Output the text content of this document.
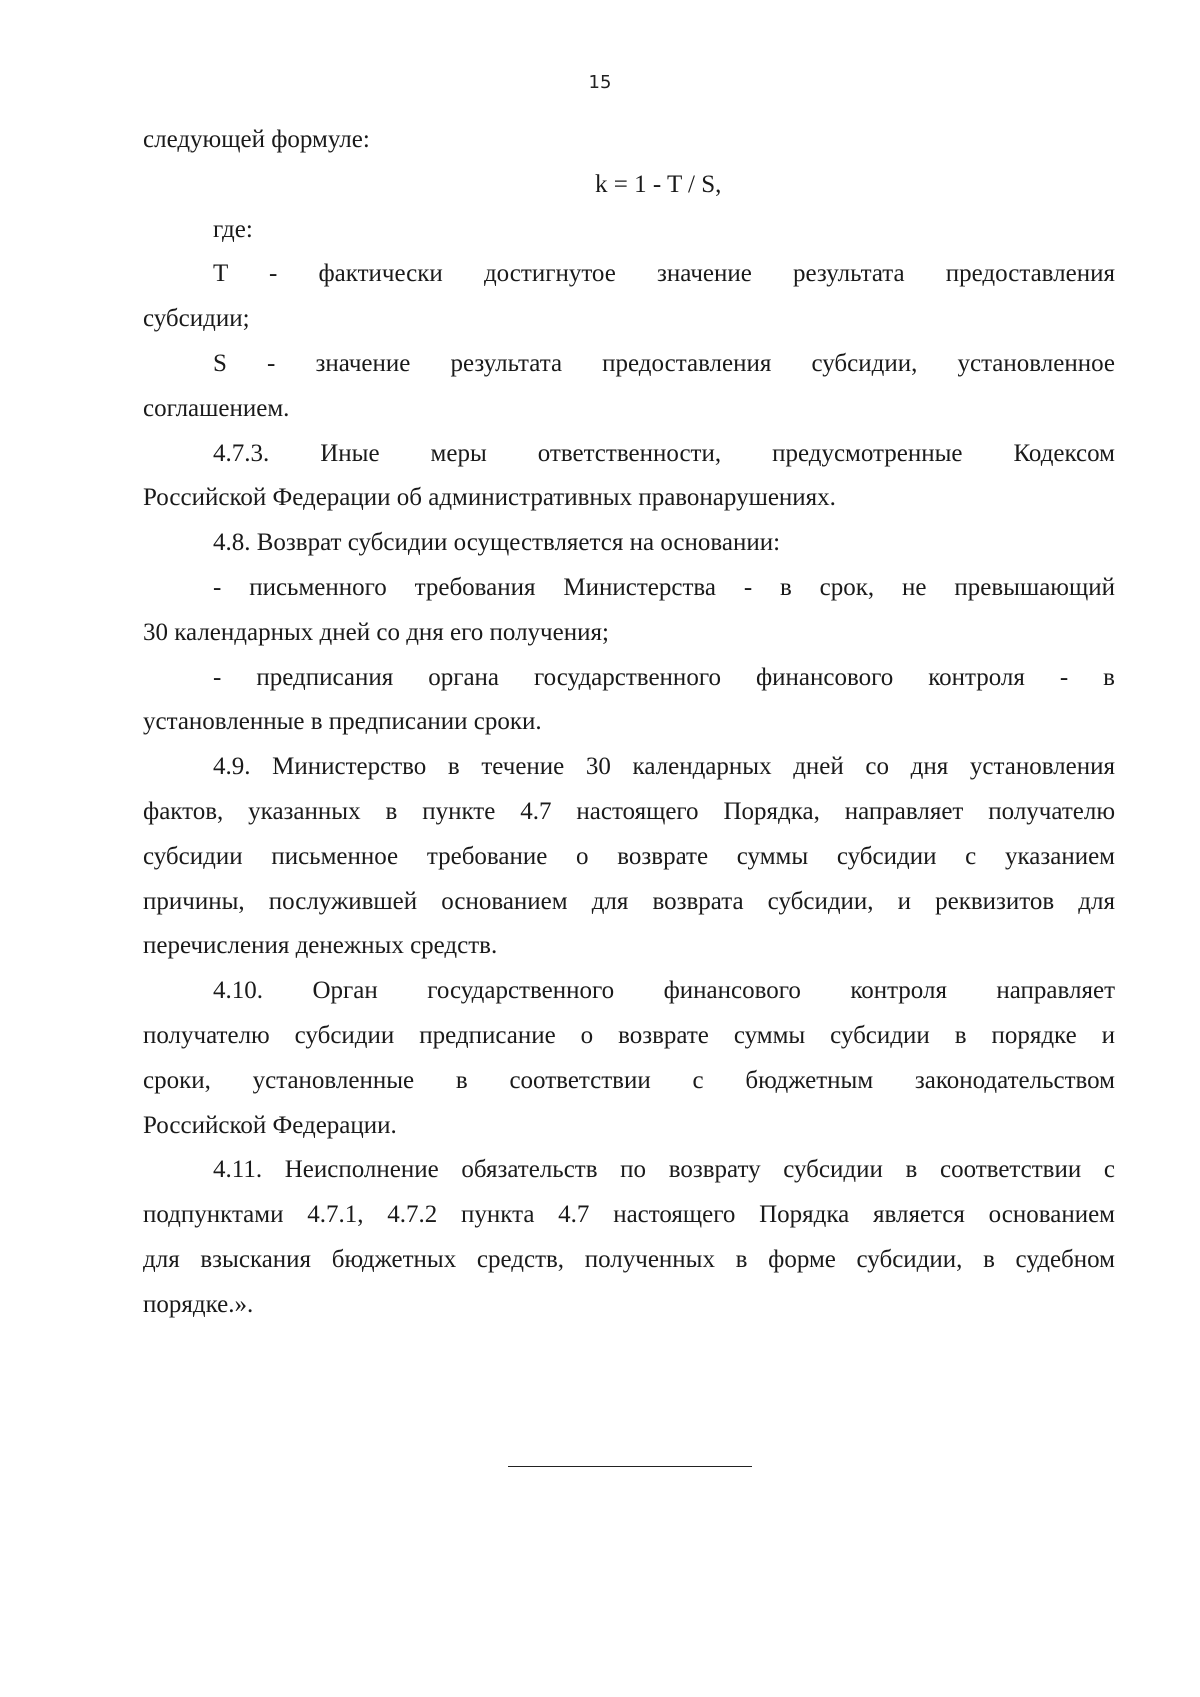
15
следующей формуле:
k = 1 - T / S,
где:
T - фактически достигнутое значение результата предоставления
субсидии;
S - значение результата предоставления субсидии, установленное
соглашением.
4.7.3. Иные меры ответственности, предусмотренные Кодексом
Российской Федерации об административных правонарушениях.
4.8. Возврат субсидии осуществляется на основании:
- письменного требования Министерства - в срок, не превышающий
30 календарных дней со дня его получения;
- предписания органа государственного финансового контроля - в
установленные в предписании сроки.
4.9. Министерство в течение 30 календарных дней со дня установления
фактов, указанных в пункте 4.7 настоящего Порядка, направляет получателю
субсидии письменное требование о возврате суммы субсидии с указанием
причины, послужившей основанием для возврата субсидии, и реквизитов для
перечисления денежных средств.
4.10. Орган государственного финансового контроля направляет
получателю субсидии предписание о возврате суммы субсидии в порядке и
сроки, установленные в соответствии с бюджетным законодательством
Российской Федерации.
4.11. Неисполнение обязательств по возврату субсидии в соответствии с
подпунктами 4.7.1, 4.7.2 пункта 4.7 настоящего Порядка является основанием
для взыскания бюджетных средств, полученных в форме субсидии, в судебном
порядке.».
